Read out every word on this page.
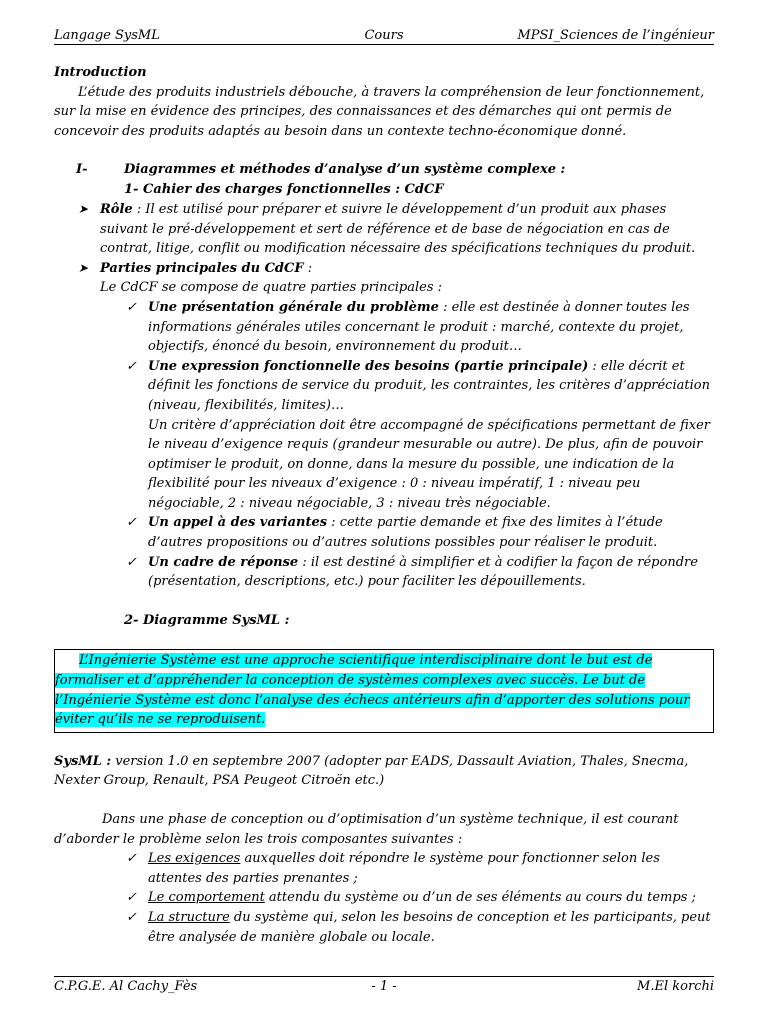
Langage SysML	Cours	MPSI_Sciences de l’ingénieur

Introduction

L’étude des produits industriels débouche, à travers la compréhension de leur fonctionnement, sur la mise en évidence des principes, des connaissances et des démarches qui ont permis de concevoir des produits adaptés au besoin dans un contexte techno-économique donné.

I-	Diagrammes et méthodes d’analyse d’un système complexe :

1- Cahier des charges fonctionnelles : CdCF

➤ Rôle : Il est utilisé pour préparer et suivre le développement d’un produit aux phases suivant le pré-développement et sert de référence et de base de négociation en cas de contrat, litige, conflit ou modification nécessaire des spécifications techniques du produit.

➤ Parties principales du CdCF :

Le CdCF se compose de quatre parties principales :

✓ Une présentation générale du problème : elle est destinée à donner toutes les informations générales utiles concernant le produit : marché, contexte du projet, objectifs, énoncé du besoin, environnement du produit…

✓ Une expression fonctionnelle des besoins (partie principale) : elle décrit et définit les fonctions de service du produit, les contraintes, les critères d’appréciation (niveau, flexibilités, limites)…

Un critère d’appréciation doit être accompagné de spécifications permettant de fixer le niveau d’exigence requis (grandeur mesurable ou autre). De plus, afin de pouvoir optimiser le produit, on donne, dans la mesure du possible, une indication de la flexibilité pour les niveaux d’exigence : 0 : niveau impératif, 1 : niveau peu négociable, 2 : niveau négociable, 3 : niveau très négociable.

✓ Un appel à des variantes : cette partie demande et fixe des limites à l’étude d’autres propositions ou d’autres solutions possibles pour réaliser le produit.

✓ Un cadre de réponse : il est destiné à simplifier et à codifier la façon de répondre (présentation, descriptions, etc.) pour faciliter les dépouillements.

2- Diagramme SysML :

L’Ingénierie Système est une approche scientifique interdisciplinaire dont le but est de formaliser et d’appréhender la conception de systèmes complexes avec succès. Le but de l’Ingénierie Système est donc l’analyse des échecs antérieurs afin d’apporter des solutions pour éviter qu’ils ne se reproduisent.

SysML : version 1.0 en septembre 2007 (adopter par EADS, Dassault Aviation, Thales, Snecma, Nexter Group, Renault, PSA Peugeot Citroën etc.)

Dans une phase de conception ou d’optimisation d’un système technique, il est courant d’aborder le problème selon les trois composantes suivantes :

✓ Les exigences auxquelles doit répondre le système pour fonctionner selon les attentes des parties prenantes ;

✓ Le comportement attendu du système ou d’un de ses éléments au cours du temps ;

✓ La structure du système qui, selon les besoins de conception et les participants, peut être analysée de manière globale ou locale.

C.P.G.E. Al Cachy_Fès	- 1 -	M.El korchi
